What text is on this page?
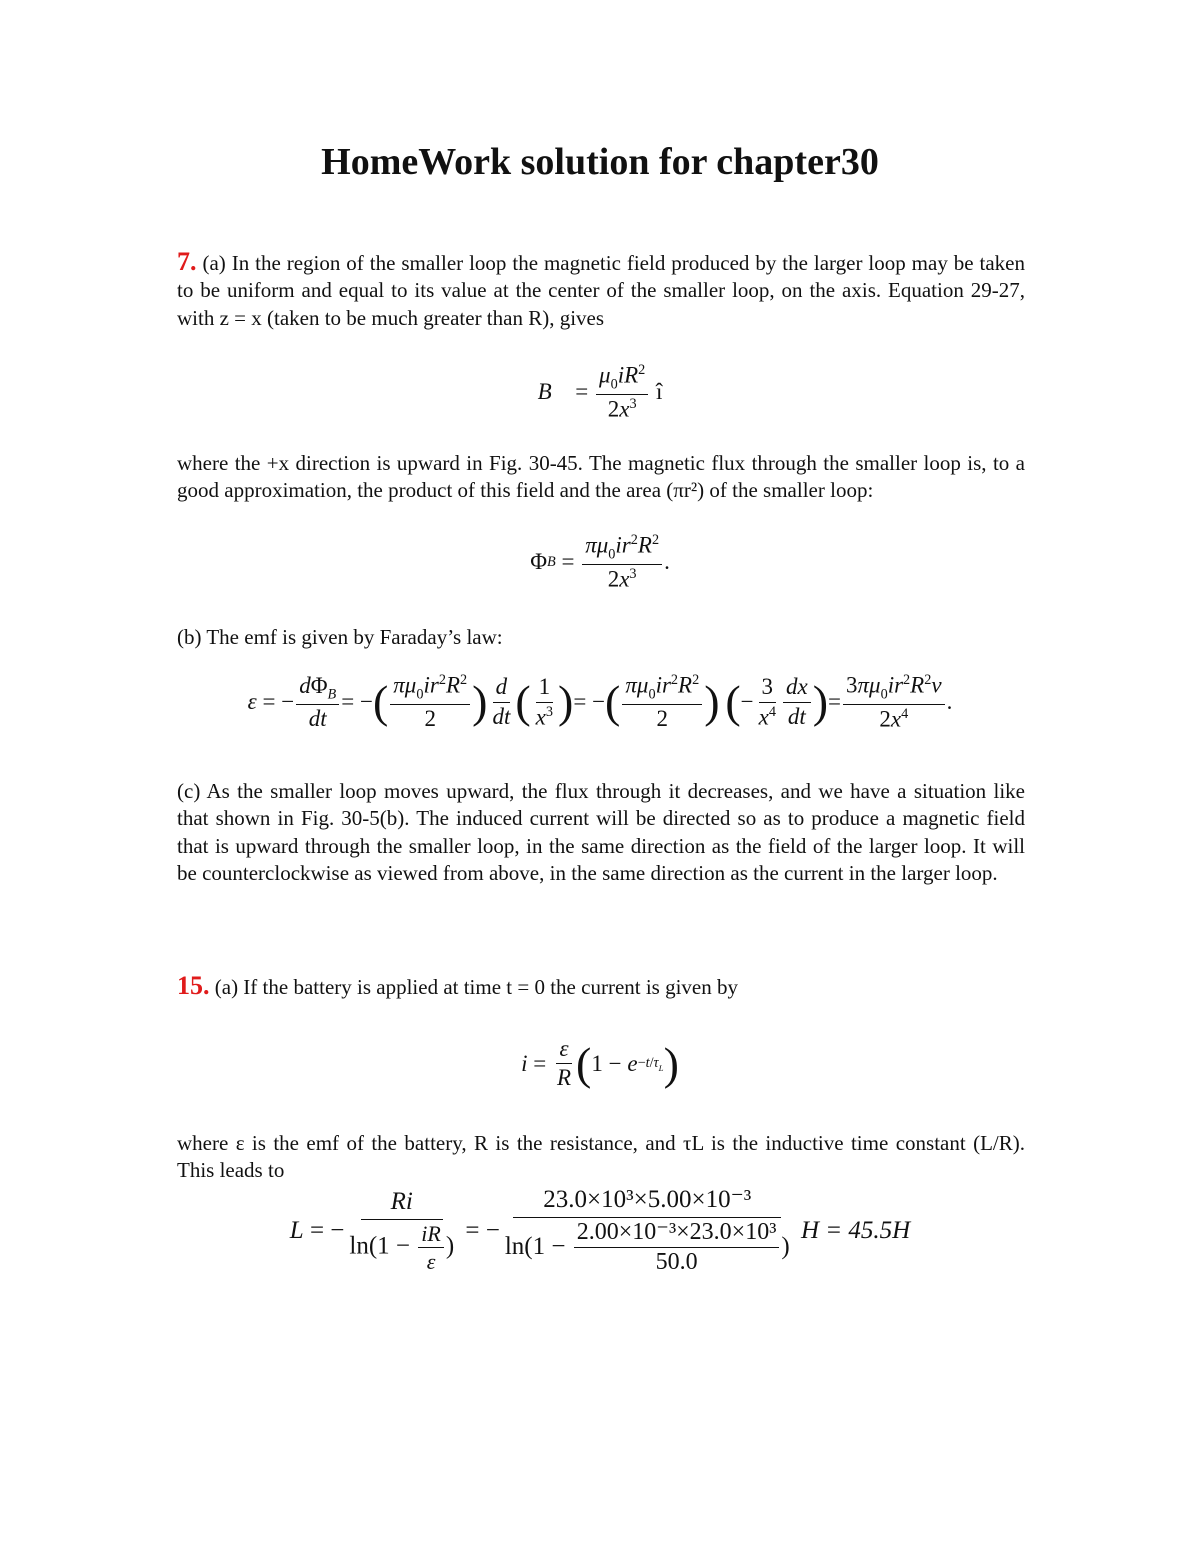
HomeWork solution for chapter30
7. (a) In the region of the smaller loop the magnetic field produced by the larger loop may be taken to be uniform and equal to its value at the center of the smaller loop, on the axis. Equation 29-27, with z = x (taken to be much greater than R), gives
B⃗ = $\frac{\mu_0iR^2}{2x^3}$ î
where the +x direction is upward in Fig. 30-45. The magnetic flux through the smaller loop is, to a good approximation, the product of this field and the area (πr²) of the smaller loop:
Φ $B = \frac{\pi\mu_0ir^2R^2}{2x^3}$ .
(b) The emf is given by Faraday’s law:
ε = − $\frac{d\Phi_B}{dt}$ = − ( $\frac{\pi\mu_0ir^2R^2}{2}$ ) $\frac{d}{dt}$ ( $\frac{1}{x^3}$ ) = − ( $\frac{\pi\mu_0ir^2R^2}{2}$ )
( − $\frac{3}{x^4} \frac{dx}{dt}$ ) = $\frac{3\pi\mu_0ir^2R^2v}{2x^4}$ .
(c) As the smaller loop moves upward, the flux through it decreases, and we have a situation like that shown in Fig. 30-5(b). The induced current will be directed so as to produce a magnetic field that is upward through the smaller loop, in the same direction as the field of the larger loop. It will be counterclockwise as viewed from above, in the same direction as the current in the larger loop.
15. (a) If the battery is applied at time t = 0 the current is given by
$i = \frac{\varepsilon}{R}$ ( $1 - e -t/\tau_L$ )
where ε is the emf of the battery, R is the resistance, and τL is the inductive time constant (L/R). This leads to
L = − $\frac{Ri}{\ln(1 - \frac{iR}{\varepsilon} )}$ = − $\frac{\text{23.0×10³×5.00×10⁻³}}{\ln(1 - \frac{\text{2.00×10⁻³×23.0×10³}}{50.0} )}$
H = 45.5H
